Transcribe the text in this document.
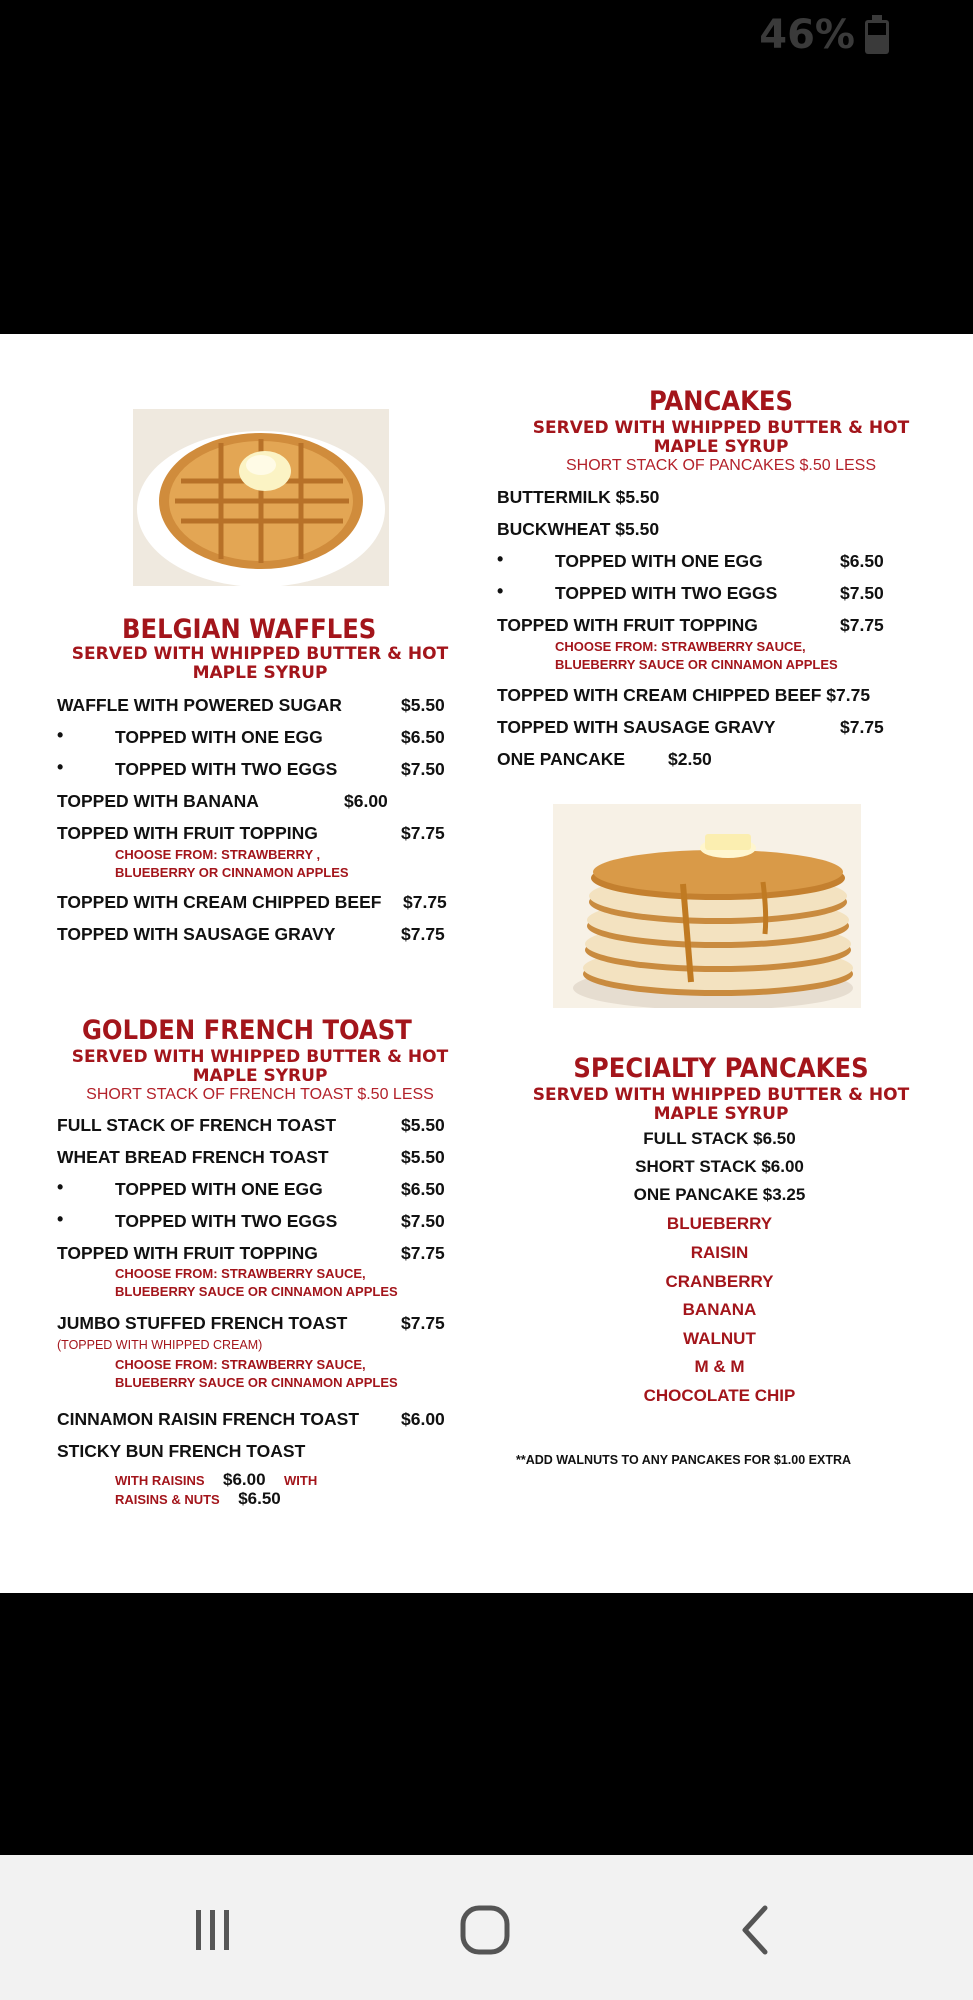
46%
BELGIAN WAFFLES
SERVED WITH WHIPPED BUTTER & HOT
MAPLE SYRUP
WAFFLE WITH POWERED SUGAR	$5.50
•	TOPPED WITH ONE EGG	$6.50
•	TOPPED WITH TWO EGGS	$7.50
TOPPED WITH BANANA	$6.00
TOPPED WITH FRUIT TOPPING	$7.75
CHOOSE FROM: STRAWBERRY ,
BLUEBERRY OR CINNAMON APPLES
TOPPED WITH CREAM CHIPPED BEEF $7.75
TOPPED WITH SAUSAGE GRAVY	$7.75
GOLDEN FRENCH TOAST
SERVED WITH WHIPPED BUTTER & HOT
MAPLE SYRUP
SHORT STACK OF FRENCH TOAST $.50 LESS
FULL STACK OF FRENCH TOAST	$5.50
WHEAT BREAD FRENCH TOAST	$5.50
•	TOPPED WITH ONE EGG	$6.50
•	TOPPED WITH TWO EGGS	$7.50
TOPPED WITH FRUIT TOPPING	$7.75
CHOOSE FROM: STRAWBERRY SAUCE,
BLUEBERRY SAUCE OR CINNAMON APPLES
JUMBO STUFFED FRENCH TOAST	$7.75
(TOPPED WITH WHIPPED CREAM)
CHOOSE FROM: STRAWBERRY SAUCE,
BLUEBERRY SAUCE OR CINNAMON APPLES
CINNAMON RAISIN FRENCH TOAST $6.00
STICKY BUN FRENCH TOAST
WITH RAISINS $6.00 WITH
RAISINS & NUTS $6.50
PANCAKES
SERVED WITH WHIPPED BUTTER & HOT
MAPLE SYRUP
SHORT STACK OF PANCAKES $.50 LESS
BUTTERMILK $5.50
BUCKWHEAT $5.50
•	TOPPED WITH ONE EGG	$6.50
•	TOPPED WITH TWO EGGS	$7.50
TOPPED WITH FRUIT TOPPING	$7.75
CHOOSE FROM: STRAWBERRY SAUCE,
BLUEBERRY SAUCE OR CINNAMON APPLES
TOPPED WITH CREAM CHIPPED BEEF $7.75
TOPPED WITH SAUSAGE GRAVY	$7.75
ONE PANCAKE $2.50
SPECIALTY PANCAKES
SERVED WITH WHIPPED BUTTER & HOT
MAPLE SYRUP
FULL STACK $6.50
SHORT STACK $6.00
ONE PANCAKE $3.25
BLUEBERRY
RAISIN
CRANBERRY
BANANA
WALNUT
M & M
CHOCOLATE CHIP
**ADD WALNUTS TO ANY PANCAKES FOR $1.00 EXTRA
